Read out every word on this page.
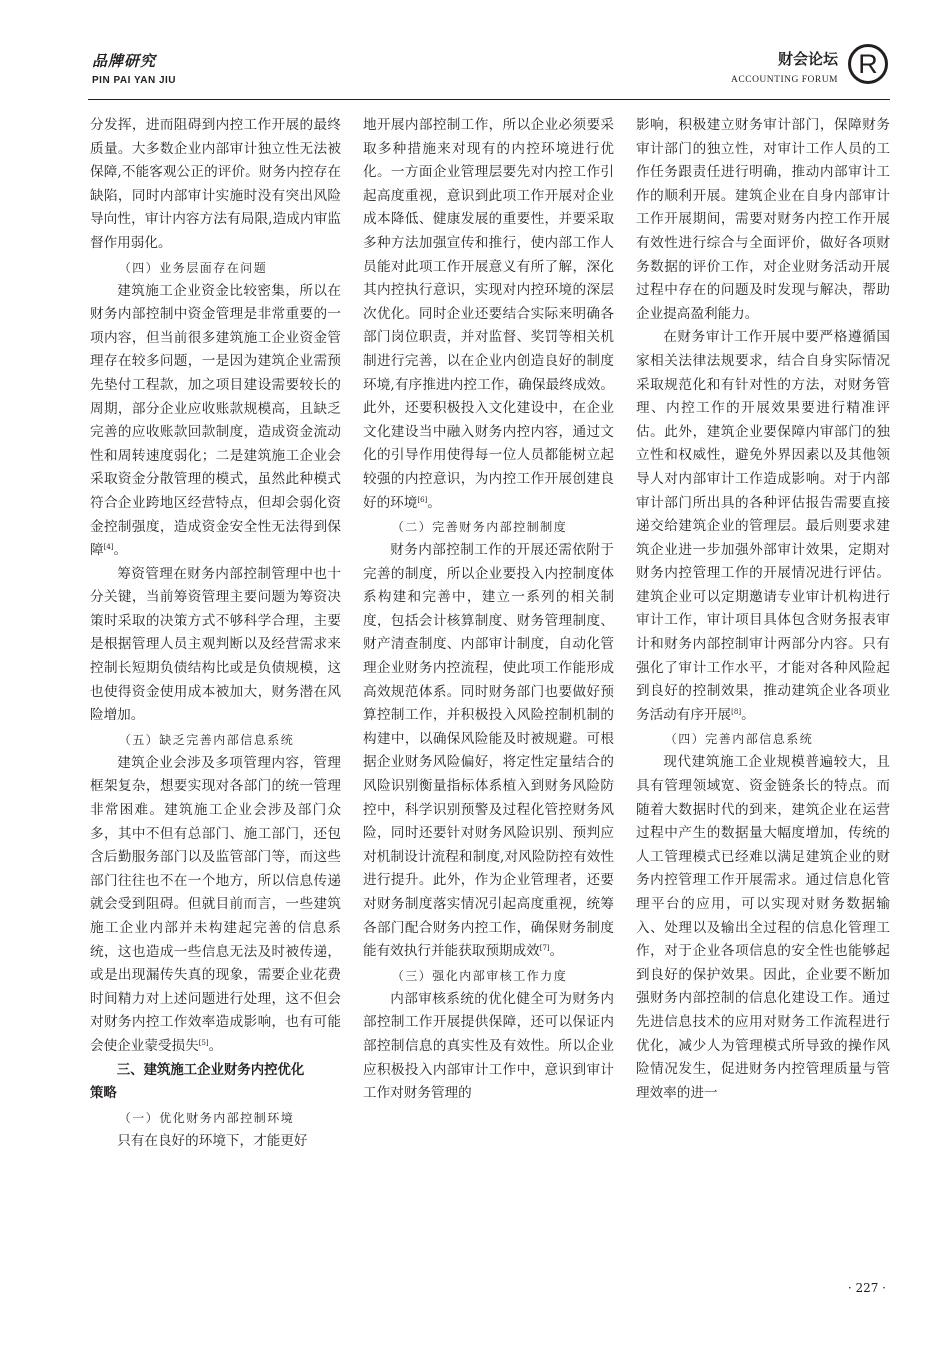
品牌研究
PIN PAI YAN JIU
财会论坛
ACCOUNTING FORUM
R

分发挥，进而阻碍到内控工作开展的最终质量。大多数企业内部审计独立性无法被保障,不能客观公正的评价。财务内控存在缺陷，同时内部审计实施时没有突出风险导向性，审计内容方法有局限,造成内审监督作用弱化。

（四）业务层面存在问题

建筑施工企业资金比较密集，所以在财务内部控制中资金管理是非常重要的一项内容，但当前很多建筑施工企业资金管理存在较多问题，一是因为建筑企业需预先垫付工程款，加之项目建设需要较长的周期，部分企业应收账款规模高，且缺乏完善的应收账款回款制度，造成资金流动性和周转速度弱化；二是建筑施工企业会采取资金分散管理的模式，虽然此种模式符合企业跨地区经营特点，但却会弱化资金控制强度，造成资金安全性无法得到保障[4]。

筹资管理在财务内部控制管理中也十分关键，当前筹资管理主要问题为筹资决策时采取的决策方式不够科学合理，主要是根据管理人员主观判断以及经营需求来控制长短期负债结构比或是负债规模，这也使得资金使用成本被加大，财务潜在风险增加。

（五）缺乏完善内部信息系统

建筑企业会涉及多项管理内容，管理框架复杂，想要实现对各部门的统一管理非常困难。建筑施工企业会涉及部门众多，其中不但有总部门、施工部门，还包含后勤服务部门以及监管部门等，而这些部门往往也不在一个地方，所以信息传递就会受到阻碍。但就目前而言，一些建筑施工企业内部并未构建起完善的信息系统，这也造成一些信息无法及时被传递，或是出现漏传失真的现象，需要企业花费时间精力对上述问题进行处理，这不但会对财务内控工作效率造成影响，也有可能会使企业蒙受损失[5]。

三、建筑施工企业财务内控优化
策略
（一）优化财务内部控制环境

只有在良好的环境下，才能更好

地开展内部控制工作，所以企业必须要采取多种措施来对现有的内控环境进行优化。一方面企业管理层要先对内控工作引起高度重视，意识到此项工作开展对企业成本降低、健康发展的重要性，并要采取多种方法加强宣传和推行，使内部工作人员能对此项工作开展意义有所了解，深化其内控执行意识，实现对内控环境的深层次优化。同时企业还要结合实际来明确各部门岗位职责，并对监督、奖罚等相关机制进行完善，以在企业内创造良好的制度环境,有序推进内控工作，确保最终成效。此外，还要积极投入文化建设中，在企业文化建设当中融入财务内控内容，通过文化的引导作用使得每一位人员都能树立起较强的内控意识，为内控工作开展创建良好的环境[6]。

（二）完善财务内部控制制度

财务内部控制工作的开展还需依附于完善的制度，所以企业要投入内控制度体系构建和完善中，建立一系列的相关制度，包括会计核算制度、财务管理制度、财产清查制度、内部审计制度，自动化管理企业财务内控流程，使此项工作能形成高效规范体系。同时财务部门也要做好预算控制工作，并积极投入风险控制机制的构建中，以确保风险能及时被规避。可根据企业财务风险偏好，将定性定量结合的风险识别衡量指标体系植入到财务风险防控中，科学识别预警及过程化管控财务风险，同时还要针对财务风险识别、预判应对机制设计流程和制度,对风险防控有效性进行提升。此外，作为企业管理者，还要对财务制度落实情况引起高度重视，统筹各部门配合财务内控工作，确保财务制度能有效执行并能获取预期成效[7]。

（三）强化内部审核工作力度

内部审核系统的优化健全可为财务内部控制工作开展提供保障，还可以保证内部控制信息的真实性及有效性。所以企业应积极投入内部审计工作中，意识到审计工作对财务管理的

影响，积极建立财务审计部门，保障财务审计部门的独立性，对审计工作人员的工作任务跟责任进行明确，推动内部审计工作的顺利开展。建筑企业在自身内部审计工作开展期间，需要对财务内控工作开展有效性进行综合与全面评价，做好各项财务数据的评价工作，对企业财务活动开展过程中存在的问题及时发现与解决，帮助企业提高盈利能力。

在财务审计工作开展中要严格遵循国家相关法律法规要求，结合自身实际情况采取规范化和有针对性的方法，对财务管理、内控工作的开展效果要进行精准评估。此外，建筑企业要保障内审部门的独立性和权威性，避免外界因素以及其他领导人对内部审计工作造成影响。对于内部审计部门所出具的各种评估报告需要直接递交给建筑企业的管理层。最后则要求建筑企业进一步加强外部审计效果，定期对财务内控管理工作的开展情况进行评估。建筑企业可以定期邀请专业审计机构进行审计工作，审计项目具体包含财务报表审计和财务内部控制审计两部分内容。只有强化了审计工作水平，才能对各种风险起到良好的控制效果，推动建筑企业各项业务活动有序开展[8]。

（四）完善内部信息系统

现代建筑施工企业规模普遍较大，且具有管理领域宽、资金链条长的特点。而随着大数据时代的到来，建筑企业在运营过程中产生的数据量大幅度增加，传统的人工管理模式已经难以满足建筑企业的财务内控管理工作开展需求。通过信息化管理平台的应用，可以实现对财务数据输入、处理以及输出全过程的信息化管理工作，对于企业各项信息的安全性也能够起到良好的保护效果。因此，企业要不断加强财务内部控制的信息化建设工作。通过先进信息技术的应用对财务工作流程进行优化，减少人为管理模式所导致的操作风险情况发生，促进财务内控管理质量与管理效率的进一

· 227 ·
